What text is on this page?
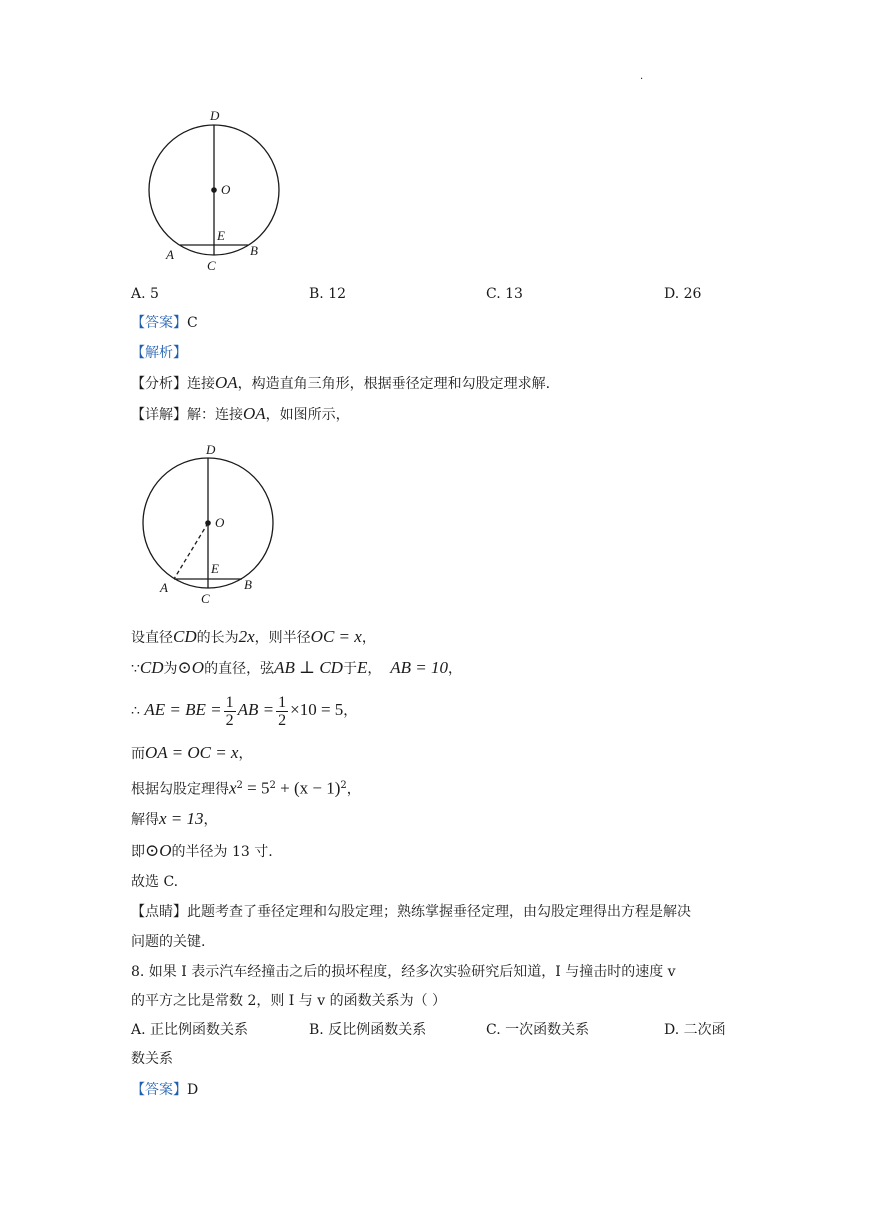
·
D
O
E
A
C
B
A. 5	B. 12	C. 13	D. 26
【答案】C
【解析】
【分析】连接OA，构造直角三角形，根据垂径定理和勾股定理求解.
【详解】解：连接OA，如图所示，
D
O
E
A
C
B
设直径CD的长为2x，则半径OC = x，
∵CD为⊙O的直径，弦AB ⊥ CD于E， AB = 10，
∴ AE = BE = $\frac{1}{2}$ AB = $\frac{1}{2} \times 10 = 5$，
而OA = OC = x，
根据勾股定理得$x^2 = 5^2 + (x - 1)^2$，
解得x = 13，
即⊙O的半径为 13 寸.
故选 C.
【点睛】此题考查了垂径定理和勾股定理；熟练掌握垂径定理，由勾股定理得出方程是解决
问题的关键.
8. 如果 I 表示汽车经撞击之后的损坏程度，经多次实验研究后知道，I 与撞击时的速度 v
的平方之比是常数 2，则 I 与 v 的函数关系为（ ）
A. 正比例函数关系	B. 反比例函数关系	C. 一次函数关系	D. 二次函
数关系
【答案】D
